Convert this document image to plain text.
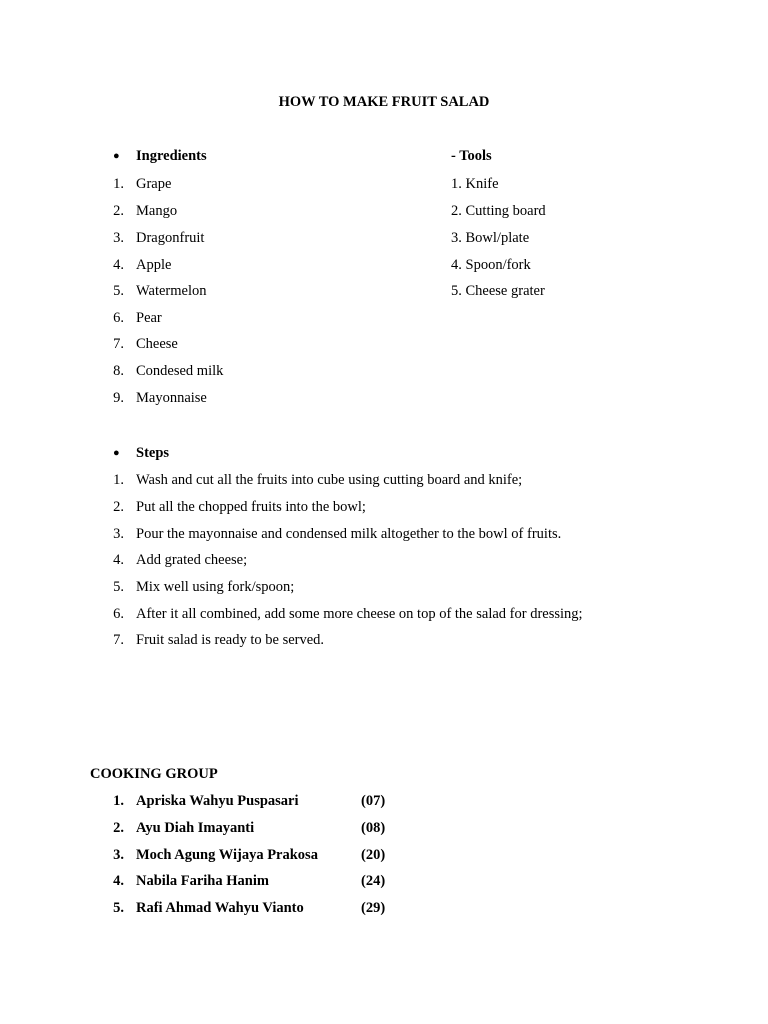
HOW TO MAKE FRUIT SALAD
● Ingredients
1. Grape
2. Mango
3. Dragonfruit
4. Apple
5. Watermelon
6. Pear
7. Cheese
8. Condesed milk
9. Mayonnaise
- Tools
1. Knife
2. Cutting board
3. Bowl/plate
4. Spoon/fork
5. Cheese grater
● Steps
1. Wash and cut all the fruits into cube using cutting board and knife;
2. Put all the chopped fruits into the bowl;
3. Pour the mayonnaise and condensed milk altogether to the bowl of fruits.
4. Add grated cheese;
5. Mix well using fork/spoon;
6. After it all combined, add some more cheese on top of the salad for dressing;
7. Fruit salad is ready to be served.
COOKING GROUP
1. Apriska Wahyu Puspasari	(07)
2. Ayu Diah Imayanti	(08)
3. Moch Agung Wijaya Prakosa	(20)
4. Nabila Fariha Hanim	(24)
5. Rafi Ahmad Wahyu Vianto	(29)
